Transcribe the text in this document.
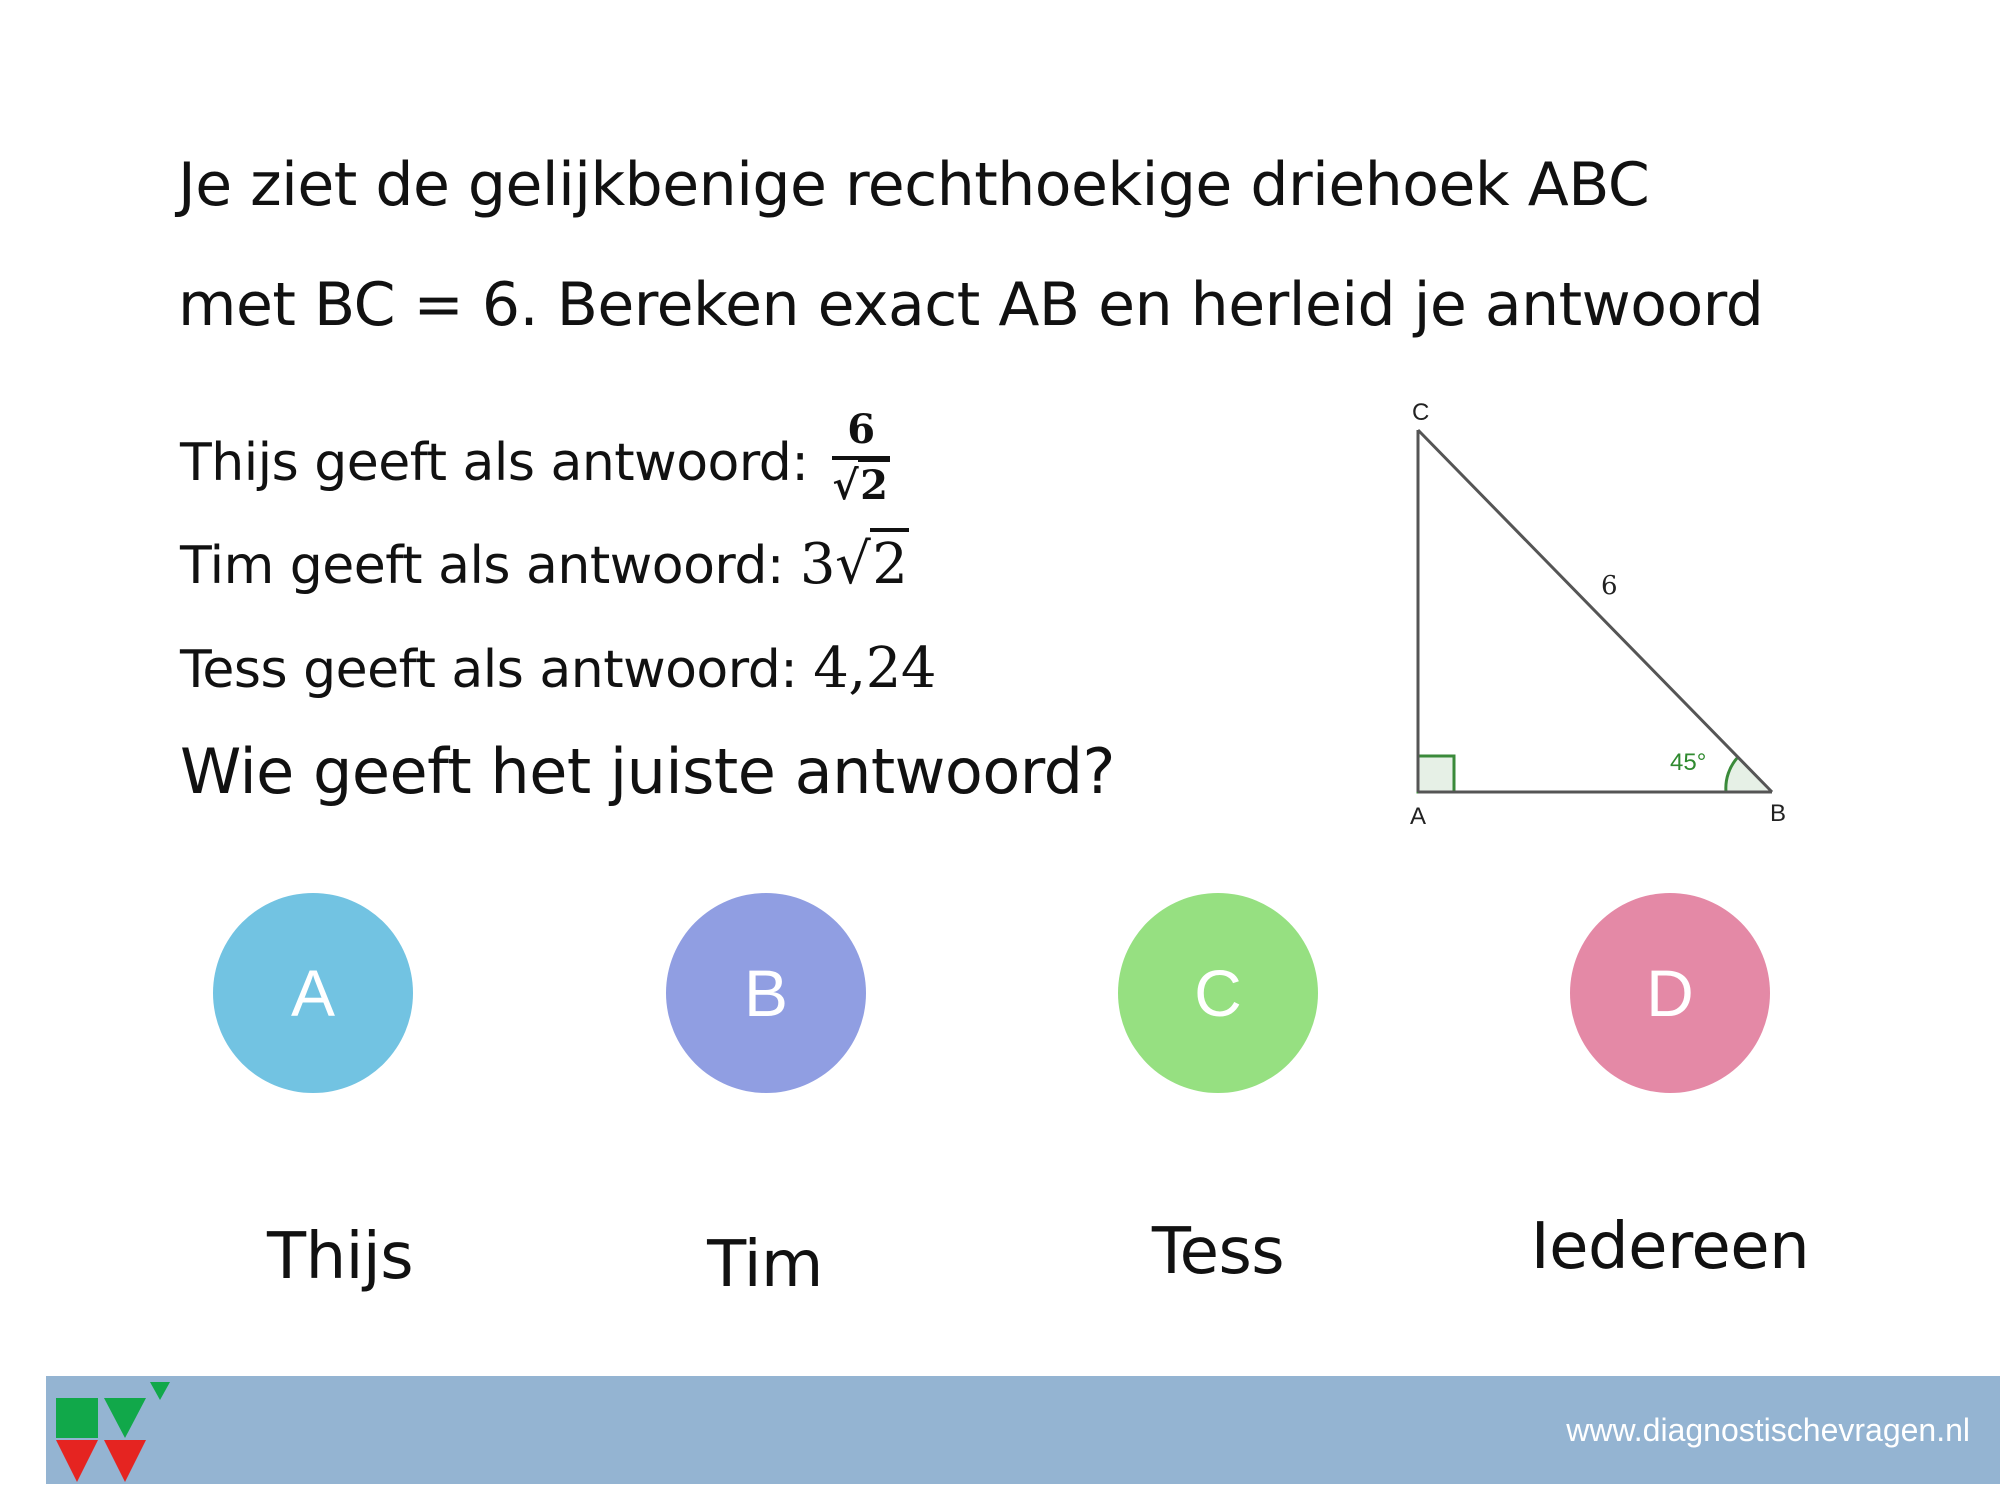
Je ziet de gelijkbenige rechthoekige driehoek ABC
met BC = 6. Bereken exact AB en herleid je antwoord
Thijs geeft als antwoord: $\frac{6}{√2}$
Tim geeft als antwoord: 3√2
Tess geeft als antwoord: 4,24
Wie geeft het juiste antwoord?
C
A	B
6
45°
A	B	C	D
Thijs	Tim	Tess	Iedereen
www.diagnostischevragen.nl
